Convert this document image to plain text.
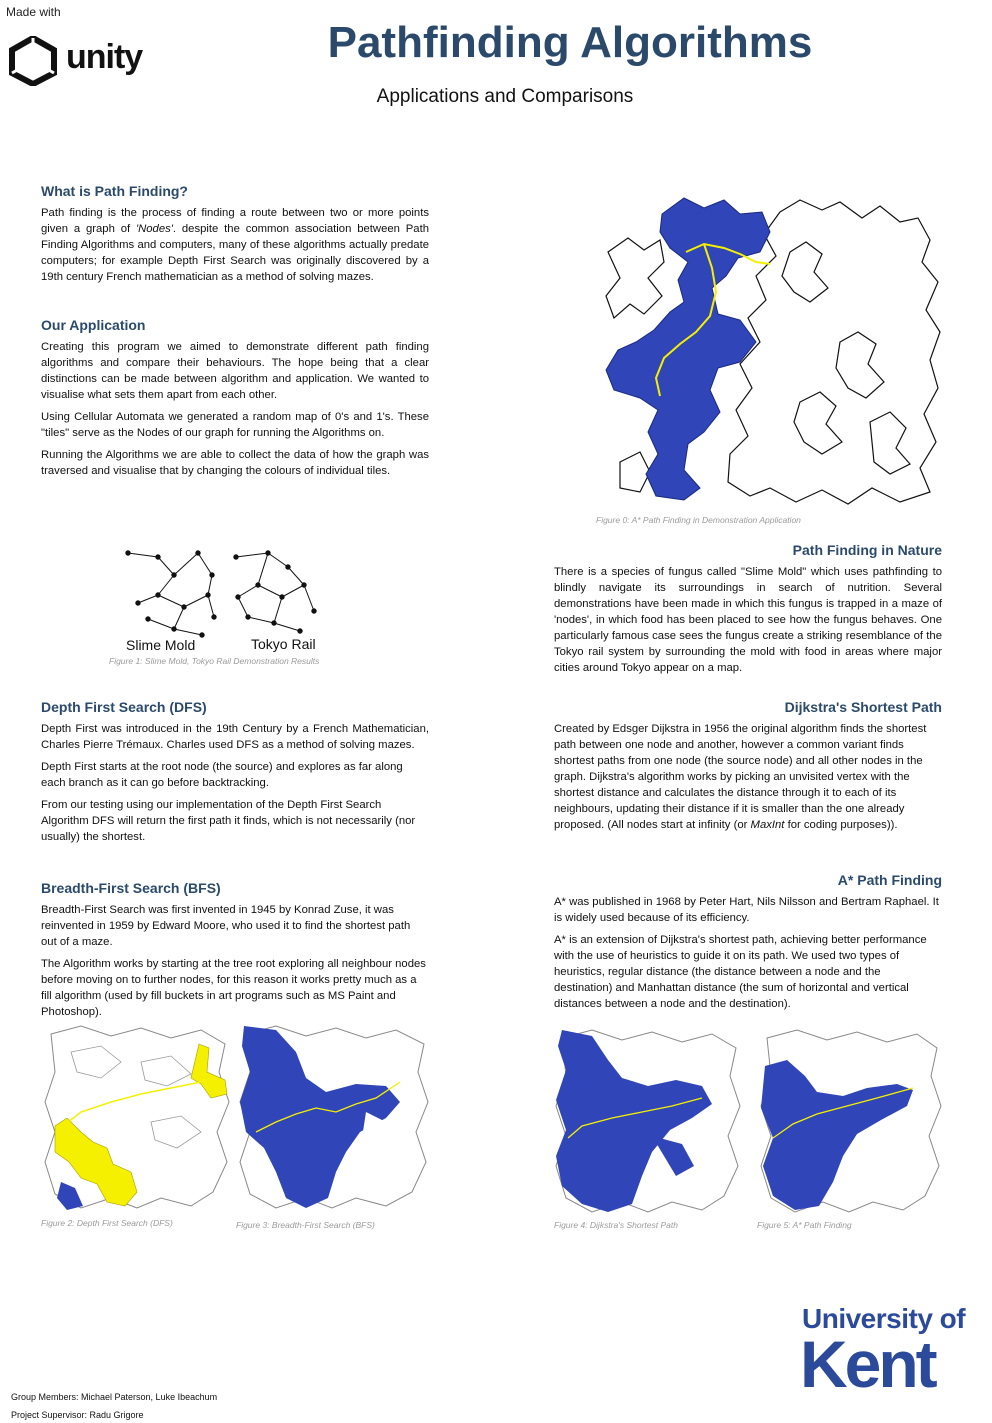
Made with
unity	Pathfinding Algorithms
Applications and Comparisons
What is Path Finding?

Path finding is the process of finding a route between two or more points given a graph of 'Nodes'. despite the common association between Path Finding Algorithms and computers, many of these algorithms actually predate computers; for example Depth First Search was originally discovered by a 19th century French mathematician as a method of solving mazes.

Our Application

Creating this program we aimed to demonstrate different path finding algorithms and compare their behaviours. The hope being that a clear distinctions can be made between algorithm and application. We wanted to visualise what sets them apart from each other.

Using Cellular Automata we generated a random map of 0's and 1's. These "tiles" serve as the Nodes of our graph for running the Algorithms on.

Running the Algorithms we are able to collect the data of how the graph was traversed and visualise that by changing the colours of individual tiles.

Figure 0: A* Path Finding in Demonstration Application
Slime Mold	Tokyo Rail
Figure 1: Slime Mold, Tokyo Rail Demonstration Results
Path Finding in Nature

There is a species of fungus called "Slime Mold" which uses pathfinding to blindly navigate its surroundings in search of nutrition. Several demonstrations have been made in which this fungus is trapped in a maze of 'nodes', in which food has been placed to see how the fungus behaves. One particularly famous case sees the fungus create a striking resemblance of the Tokyo rail system by surrounding the mold with food in areas where major cities around Tokyo appear on a map.

Depth First Search (DFS)

Depth First was introduced in the 19th Century by a French Mathematician, Charles Pierre Trémaux. Charles used DFS as a method of solving mazes.

Depth First starts at the root node (the source) and explores as far along each branch as it can go before backtracking.

From our testing using our implementation of the Depth First Search Algorithm DFS will return the first path it finds, which is not necessarily (nor usually) the shortest.

Dijkstra's Shortest Path

Created by Edsger Dijkstra in 1956 the original algorithm finds the shortest path between one node and another, however a common variant finds shortest paths from one node (the source node) and all other nodes in the graph. Dijkstra's algorithm works by picking an unvisited vertex with the shortest distance and calculates the distance through it to each of its neighbours, updating their distance if it is smaller than the one already proposed. (All nodes start at infinity (or MaxInt for coding purposes)).

Breadth-First Search (BFS)

Breadth-First Search was first invented in 1945 by Konrad Zuse, it was reinvented in 1959 by Edward Moore, who used it to find the shortest path out of a maze.

The Algorithm works by starting at the tree root exploring all neighbour nodes before moving on to further nodes, for this reason it works pretty much as a fill algorithm (used by fill buckets in art programs such as MS Paint and Photoshop).

A* Path Finding

A* was published in 1968 by Peter Hart, Nils Nilsson and Bertram Raphael. It is widely used because of its efficiency.

A* is an extension of Dijkstra's shortest path, achieving better performance with the use of heuristics to guide it on its path. We used two types of heuristics, regular distance (the distance between a node and the destination) and Manhattan distance (the sum of horizontal and vertical distances between a node and the destination).

Figure 2: Depth First Search (DFS)	Figure 3: Breadth-First Search (BFS)	Figure 4: Dijkstra's Shortest Path	Figure 5: A* Path Finding
University of
Kent
Group Members: Michael Paterson, Luke Ibeachum
Project Supervisor: Radu Grigore
